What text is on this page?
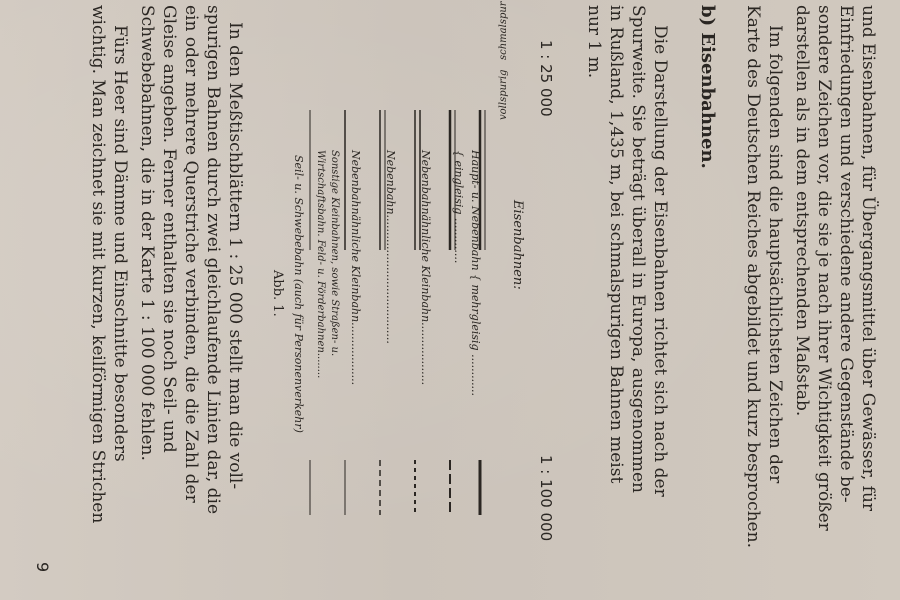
und Eisenbahnen, für Übergangsmittel über Gewässer, für
Einfriedungen und verschiedene andere Gegenstände be-
sondere Zeichen vor, die sie je nach ihrer Wichtigkeit größer
darstellen als in dem entsprechenden Maßstab.
Im folgenden sind die hauptsächlichsten Zeichen der
Karte des Deutschen Reiches abgebildet und kurz besprochen.
b) Eisenbahnen.
Die Darstellung der Eisenbahnen richtet sich nach der
Spurweite. Sie beträgt überall in Europa, ausgenommen
in Rußland, 1,435 m, bei schmalspurigen Bahnen meist
nur 1 m.
1 : 25 000
1 : 100 000
Eisenbahnen:
Haupt- u. Nebenbahn { mehrgleisig ............
{ eingleisig .............
Nebenbahnähnliche Kleinbahn..................
Nebenbahn.....................................
Nebenbahnähnliche Kleinbahn..................
Sonstige Kleinbahnen, sowie Straßen- u.
Wirtschaftsbahn. Feld- u. Förderbahnen........
Seil- u. Schwebebahn (auch für Personenverkehr)
vollspurig
schmalspur
Abb. 1.
In den Meßtischblättern 1 : 25 000 stellt man die voll-
spurigen Bahnen durch zwei gleichlaufende Linien dar, die
ein oder mehrere Querstriche verbinden, die die Zahl der
Gleise angeben. Ferner enthalten sie noch Seil- und
Schwebebahnen, die in der Karte 1 : 100 000 fehlen.
Fürs Heer sind Dämme und Einschnitte besonders
wichtig. Man zeichnet sie mit kurzen, keilförmigen Strichen
9
